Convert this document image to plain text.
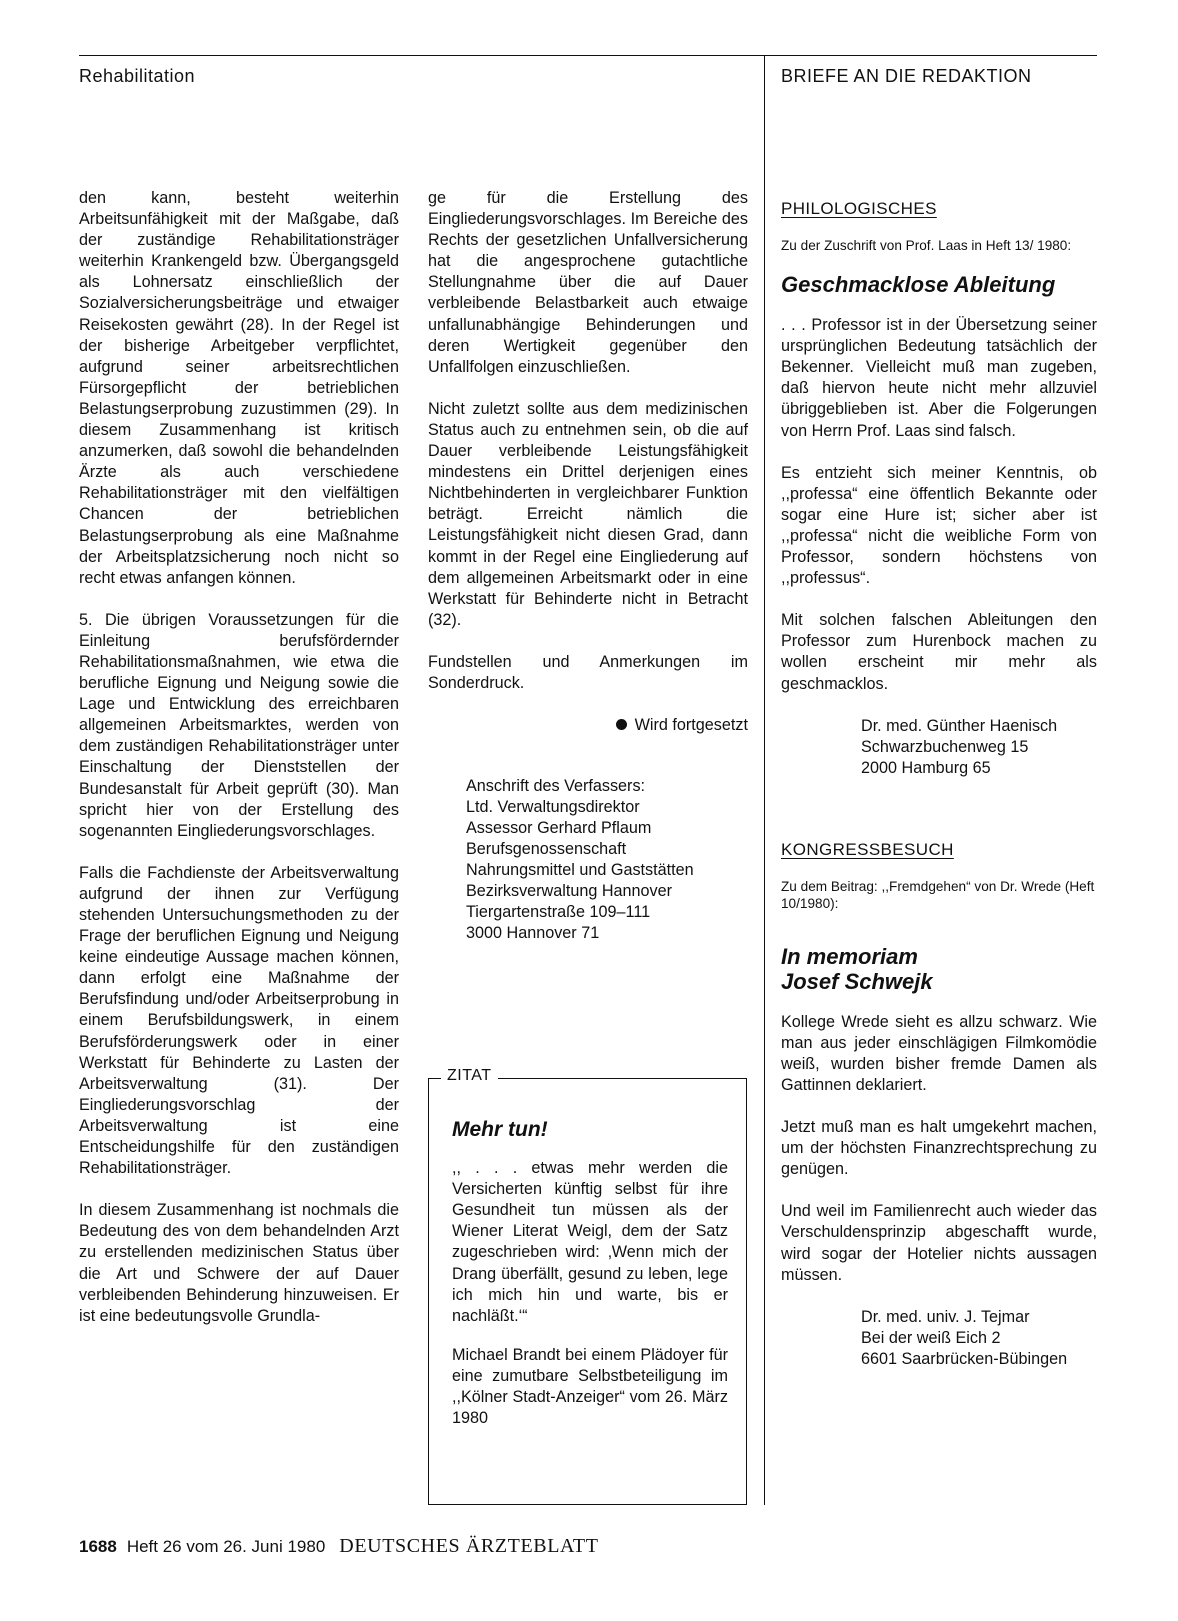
Rehabilitation	BRIEFE AN DIE REDAKTION

den kann, besteht weiterhin Arbeitsunfähigkeit mit der Maßgabe, daß der zuständige Rehabilitationsträger weiterhin Krankengeld bzw. Übergangsgeld als Lohnersatz einschließlich der Sozialversicherungsbeiträge und etwaiger Reisekosten gewährt (28). In der Regel ist der bisherige Arbeitgeber verpflichtet, aufgrund seiner arbeitsrechtlichen Fürsorgepflicht der betrieblichen Belastungserprobung zuzustimmen (29). In diesem Zusammenhang ist kritisch anzumerken, daß sowohl die behandelnden Ärzte als auch verschiedene Rehabilitationsträger mit den vielfältigen Chancen der betrieblichen Belastungserprobung als eine Maßnahme der Arbeitsplatzsicherung noch nicht so recht etwas anfangen können.

5. Die übrigen Voraussetzungen für die Einleitung berufsfördernder Rehabilitationsmaßnahmen, wie etwa die berufliche Eignung und Neigung sowie die Lage und Entwicklung des erreichbaren allgemeinen Arbeitsmarktes, werden von dem zuständigen Rehabilitationsträger unter Einschaltung der Dienststellen der Bundesanstalt für Arbeit geprüft (30). Man spricht hier von der Erstellung des sogenannten Eingliederungsvorschlages.

Falls die Fachdienste der Arbeitsverwaltung aufgrund der ihnen zur Verfügung stehenden Untersuchungsmethoden zu der Frage der beruflichen Eignung und Neigung keine eindeutige Aussage machen können, dann erfolgt eine Maßnahme der Berufsfindung und/oder Arbeitserprobung in einem Berufsbildungswerk, in einem Berufsförderungswerk oder in einer Werkstatt für Behinderte zu Lasten der Arbeitsverwaltung (31). Der Eingliederungsvorschlag der Arbeitsverwaltung ist eine Entscheidungshilfe für den zuständigen Rehabilitationsträger.

In diesem Zusammenhang ist nochmals die Bedeutung des von dem behandelnden Arzt zu erstellenden medizinischen Status über die Art und Schwere der auf Dauer verbleibenden Behinderung hinzuweisen. Er ist eine bedeutungsvolle Grundla-

ge für die Erstellung des Eingliederungsvorschlages. Im Bereiche des Rechts der gesetzlichen Unfallversicherung hat die angesprochene gutachtliche Stellungnahme über die auf Dauer verbleibende Belastbarkeit auch etwaige unfallunabhängige Behinderungen und deren Wertigkeit gegenüber den Unfallfolgen einzuschließen.

Nicht zuletzt sollte aus dem medizinischen Status auch zu entnehmen sein, ob die auf Dauer verbleibende Leistungsfähigkeit mindestens ein Drittel derjenigen eines Nichtbehinderten in vergleichbarer Funktion beträgt. Erreicht nämlich die Leistungsfähigkeit nicht diesen Grad, dann kommt in der Regel eine Eingliederung auf dem allgemeinen Arbeitsmarkt oder in eine Werkstatt für Behinderte nicht in Betracht (32).

Fundstellen und Anmerkungen im Sonderdruck.

Wird fortgesetzt
Anschrift des Verfassers:
Ltd. Verwaltungsdirektor
Assessor Gerhard Pflaum
Berufsgenossenschaft
Nahrungsmittel und Gaststätten
Bezirksverwaltung Hannover
Tiergartenstraße 109–111
3000 Hannover 71
ZITAT
Mehr tun!

,, . . . etwas mehr werden die Versicherten künftig selbst für ihre Gesundheit tun müssen als der Wiener Literat Weigl, dem der Satz zugeschrieben wird: ‚Wenn mich der Drang überfällt, gesund zu leben, lege ich mich hin und warte, bis er nachläßt.‘“

Michael Brandt bei einem Plädoyer für eine zumutbare Selbstbeteiligung im ,,Kölner Stadt-Anzeiger“ vom 26. März 1980

PHILOLOGISCHES
Zu der Zuschrift von Prof. Laas in Heft 13/ 1980:
Geschmacklose Ableitung

. . . Professor ist in der Übersetzung seiner ursprünglichen Bedeutung tatsächlich der Bekenner. Vielleicht muß man zugeben, daß hiervon heute nicht mehr allzuviel übriggeblieben ist. Aber die Folgerungen von Herrn Prof. Laas sind falsch.

Es entzieht sich meiner Kenntnis, ob ,,professa“ eine öffentlich Bekannte oder sogar eine Hure ist; sicher aber ist ,,professa“ nicht die weibliche Form von Professor, sondern höchstens von ,,professus“.

Mit solchen falschen Ableitungen den Professor zum Hurenbock machen zu wollen erscheint mir mehr als geschmacklos.

Dr. med. Günther Haenisch
Schwarzbuchenweg 15
2000 Hamburg 65
KONGRESSBESUCH
Zu dem Beitrag: ,,Fremdgehen“ von Dr. Wrede (Heft 10/1980):
In memoriam
Josef Schwejk

Kollege Wrede sieht es allzu schwarz. Wie man aus jeder einschlägigen Filmkomödie weiß, wurden bisher fremde Damen als Gattinnen deklariert.

Jetzt muß man es halt umgekehrt machen, um der höchsten Finanzrechtsprechung zu genügen.

Und weil im Familienrecht auch wieder das Verschuldensprinzip abgeschafft wurde, wird sogar der Hotelier nichts aussagen müssen.

Dr. med. univ. J. Tejmar
Bei der weiß Eich 2
6601 Saarbrücken-Bübingen
1688 Heft 26 vom 26. Juni 1980 DEUTSCHES ÄRZTEBLATT
